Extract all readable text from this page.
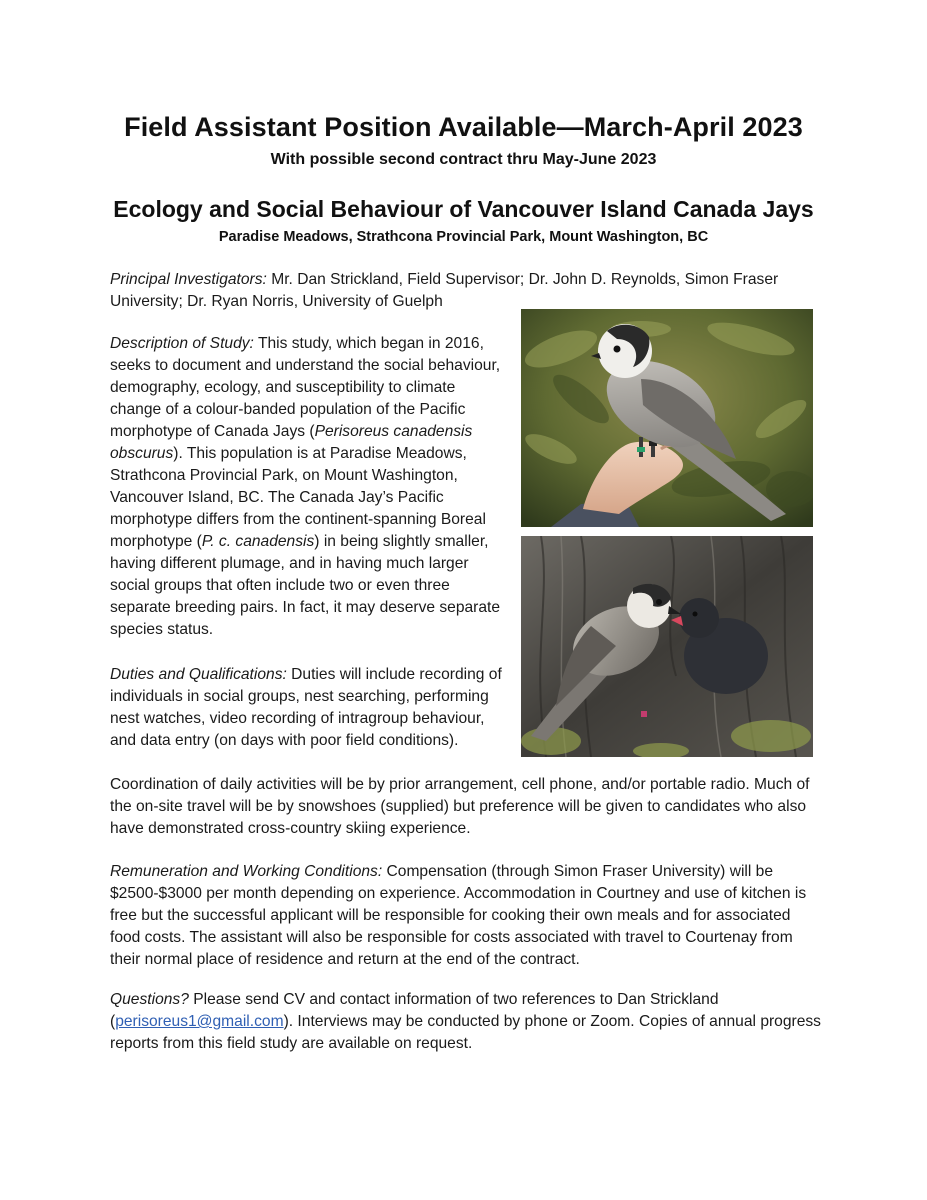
Field Assistant Position Available—March-April 2023
With possible second contract thru May-June 2023
Ecology and Social Behaviour of Vancouver Island Canada Jays
Paradise Meadows, Strathcona Provincial Park, Mount Washington, BC
Principal Investigators: Mr. Dan Strickland, Field Supervisor; Dr. John D. Reynolds, Simon Fraser University; Dr. Ryan Norris, University of Guelph
Description of Study: This study, which began in 2016, seeks to document and understand the social behaviour, demography, ecology, and susceptibility to climate change of a colour-banded population of the Pacific morphotype of Canada Jays (Perisoreus canadensis obscurus). This population is at Paradise Meadows, Strathcona Provincial Park, on Mount Washington, Vancouver Island, BC. The Canada Jay’s Pacific morphotype differs from the continent-spanning Boreal morphotype (P. c. canadensis) in being slightly smaller, having different plumage, and in having much larger social groups that often include two or even three separate breeding pairs. In fact, it may deserve separate species status.
Duties and Qualifications: Duties will include recording of individuals in social groups, nest searching, performing nest watches, video recording of intragroup behaviour, and data entry (on days with poor field conditions).
Coordination of daily activities will be by prior arrangement, cell phone, and/or portable radio. Much of the on-site travel will be by snowshoes (supplied) but preference will be given to candidates who also have demonstrated cross-country skiing experience.
Remuneration and Working Conditions: Compensation (through Simon Fraser University) will be $2500-$3000 per month depending on experience. Accommodation in Courtney and use of kitchen is free but the successful applicant will be responsible for cooking their own meals and for associated food costs. The assistant will also be responsible for costs associated with travel to Courtenay from their normal place of residence and return at the end of the contract.
Questions? Please send CV and contact information of two references to Dan Strickland (perisoreus1@gmail.com). Interviews may be conducted by phone or Zoom. Copies of annual progress reports from this field study are available on request.
